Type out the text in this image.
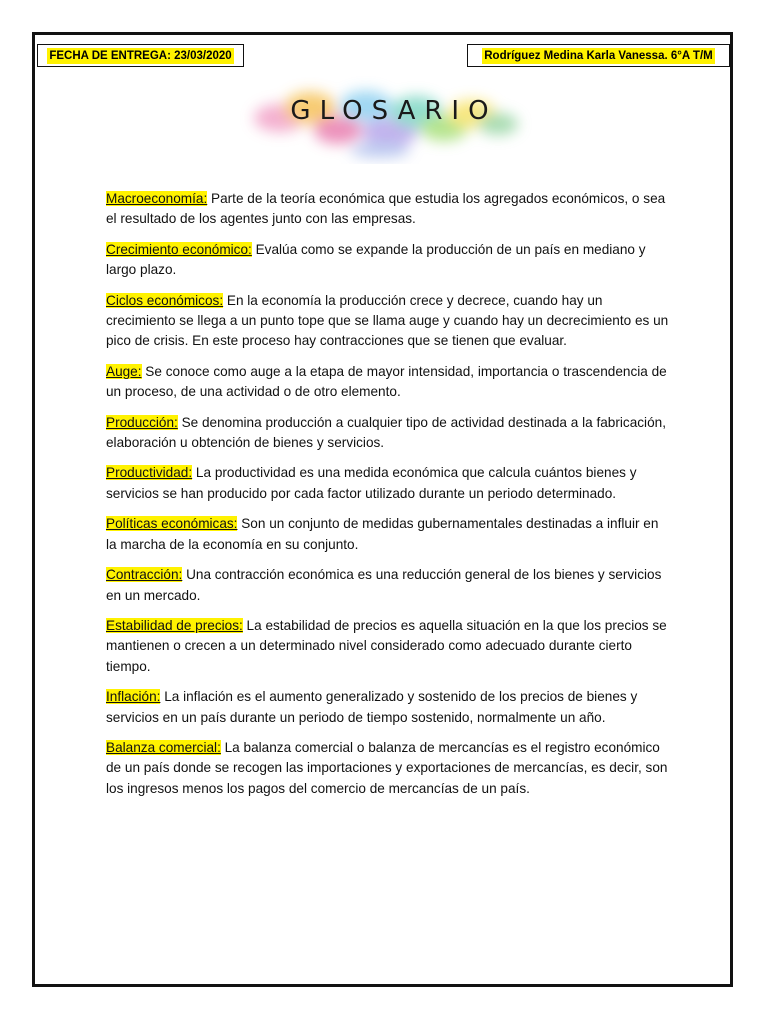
FECHA DE ENTREGA: 23/03/2020	Rodríguez Medina Karla Vanessa. 6°A T/M
GLOSARIO

Macroeconomía: Parte de la teoría económica que estudia los agregados económicos, o sea el resultado de los agentes junto con las empresas.

Crecimiento económico: Evalúa como se expande la producción de un país en mediano y largo plazo.

Ciclos económicos: En la economía la producción crece y decrece, cuando hay un crecimiento se llega a un punto tope que se llama auge y cuando hay un decrecimiento es un pico de crisis. En este proceso hay contracciones que se tienen que evaluar.

Auge: Se conoce como auge a la etapa de mayor intensidad, importancia o trascendencia de un proceso, de una actividad o de otro elemento.

Producción: Se denomina producción a cualquier tipo de actividad destinada a la fabricación, elaboración u obtención de bienes y servicios.

Productividad: La productividad es una medida económica que calcula cuántos bienes y servicios se han producido por cada factor utilizado durante un periodo determinado.

Políticas económicas: Son un conjunto de medidas gubernamentales destinadas a influir en la marcha de la economía en su conjunto.

Contracción: Una contracción económica es una reducción general de los bienes y servicios en un mercado.

Estabilidad de precios: La estabilidad de precios es aquella situación en la que los precios se mantienen o crecen a un determinado nivel considerado como adecuado durante cierto tiempo.

Inflación: La inflación es el aumento generalizado y sostenido de los precios de bienes y servicios en un país durante un periodo de tiempo sostenido, normalmente un año.

Balanza comercial: La balanza comercial o balanza de mercancías es el registro económico de un país donde se recogen las importaciones y exportaciones de mercancías, es decir, son los ingresos menos los pagos del comercio de mercancías de un país.
